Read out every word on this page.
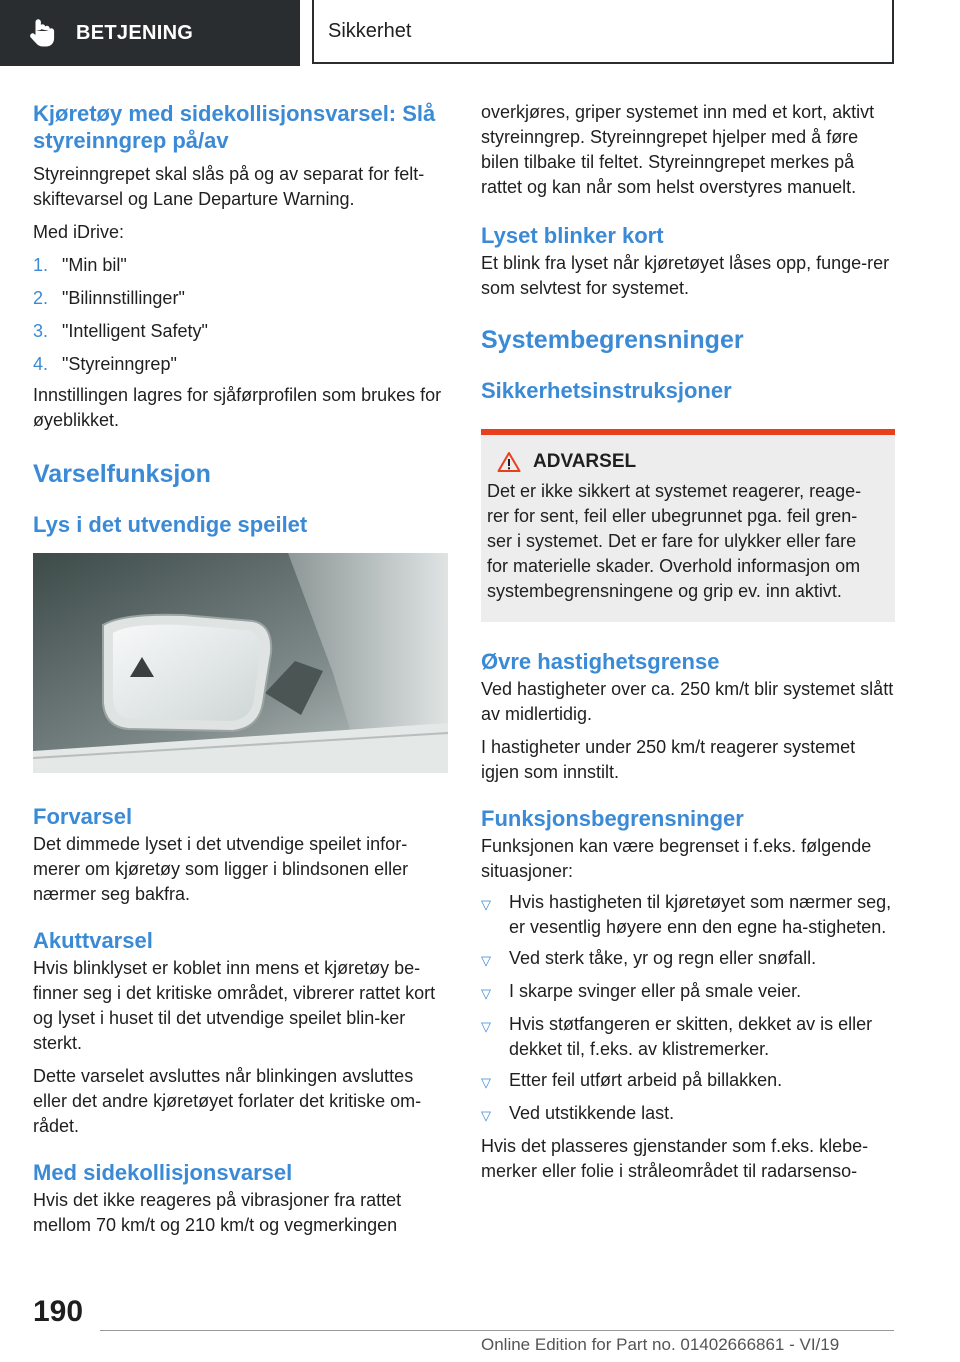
BETJENING	Sikkerhet
Kjøretøy med sidekollisjonsvarsel: Slå styreinngrep på/av

Styreinngrepet skal slås på og av separat for felt-skiftevarsel og Lane Departure Warning.

Med iDrive:

1. "Min bil"
2. "Bilinnstillinger"
3. "Intelligent Safety"
4. "Styreinngrep"

Innstillingen lagres for sjåførprofilen som brukes for øyeblikket.

Varselfunksjon
Lys i det utvendige speilet
Forvarsel

Det dimmede lyset i det utvendige speilet infor-merer om kjøretøy som ligger i blindsonen eller nærmer seg bakfra.

Akuttvarsel

Hvis blinklyset er koblet inn mens et kjøretøy be-finner seg i det kritiske området, vibrerer rattet kort og lyset i huset til det utvendige speilet blin-ker sterkt.

Dette varselet avsluttes når blinkingen avsluttes eller det andre kjøretøyet forlater det kritiske om-rådet.

Med sidekollisjonsvarsel

Hvis det ikke reageres på vibrasjoner fra rattet mellom 70 km/t og 210 km/t og vegmerkingen

overkjøres, griper systemet inn med et kort, aktivt styreinngrep. Styreinngrepet hjelper med å føre bilen tilbake til feltet. Styreinngrepet merkes på rattet og kan når som helst overstyres manuelt.

Lyset blinker kort

Et blink fra lyset når kjøretøyet låses opp, funge-rer som selvtest for systemet.

Systembegrensninger
Sikkerhetsinstruksjoner
ADVARSEL

Det er ikke sikkert at systemet reagerer, reage-rer for sent, feil eller ubegrunnet pga. feil gren-ser i systemet. Det er fare for ulykker eller fare for materielle skader. Overhold informasjon om systembegrensningene og grip ev. inn aktivt.

Øvre hastighetsgrense

Ved hastigheter over ca. 250 km/t blir systemet slått av midlertidig.

I hastigheter under 250 km/t reagerer systemet igjen som innstilt.

Funksjonsbegrensninger

Funksjonen kan være begrenset i f.eks. følgende situasjoner:

▽	Hvis hastigheten til kjøretøyet som nærmer seg, er vesentlig høyere enn den egne ha-stigheten.
▽	Ved sterk tåke, yr og regn eller snøfall.
▽	I skarpe svinger eller på smale veier.
▽	Hvis støtfangeren er skitten, dekket av is eller dekket til, f.eks. av klistremerker.
▽	Etter feil utført arbeid på billakken.
▽	Ved utstikkende last.

Hvis det plasseres gjenstander som f.eks. klebe-merker eller folie i stråleområdet til radarsenso-

190
Online Edition for Part no. 01402666861 - VI/19
